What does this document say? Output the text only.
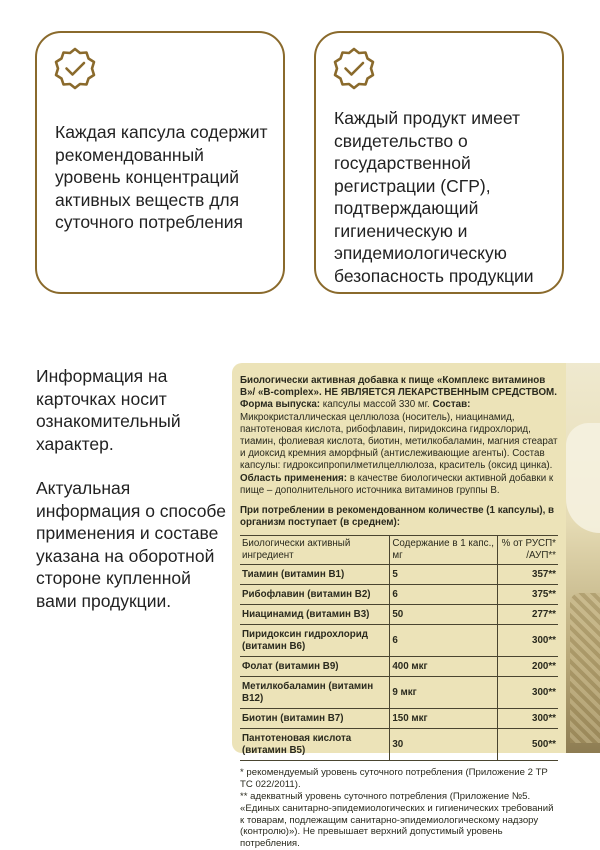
Каждая капсула содержит рекомендованный уровень концентраций активных веществ для суточного потребления
Каждый продукт имеет свидетельство о государственной регистрации (СГР), подтверждающий гигиеническую и эпидемиологическую безопасность продукции

Информация на карточках носит ознакомительный характер.

Актуальная информация о способе применения и составе указана на оборотной стороне купленной вами продукции.

Биологически активная добавка к пище «Комплекс витаминов B»/ «B-complex». НЕ ЯВЛЯЕТСЯ ЛЕКАРСТВЕННЫМ СРЕДСТВОМ.
Форма выпуска: капсулы массой 330 мг. Состав: Микрокристаллическая целлюлоза (носитель), ниацинамид, пантотеновая кислота, рибофлавин, пиридоксина гидрохлорид, тиамин, фолиевая кислота, биотин, метилкобаламин, магния стеарат и диоксид кремния аморфный (антислеживающие агенты). Состав капсулы: гидроксипропилметилцеллюлоза, краситель (оксид цинка).
Область применения: в качестве биологически активной добавки к пище – дополнительного источника витаминов группы В.
При потреблении в рекомендованном количестве (1 капсулы), в организм поступает (в среднем):
Биологически активный ингредиент	Содержание в 1 капс., мг	% от РУСП* /АУП**
Тиамин (витамин B1)	5	357**
Рибофлавин (витамин B2)	6	375**
Ниацинамид (витамин B3)	50	277**
Пиридоксин гидрохлорид (витамин B6)	6	300**
Фолат (витамин B9)	400 мкг	200**
Метилкобаламин (витамин B12)	9 мкг	300**
Биотин (витамин B7)	150 мкг	300**
Пантотеновая кислота (витамин B5)	30	500**
* рекомендуемый уровень суточного потребления (Приложение 2 ТР ТС 022/2011).
** адекватный уровень суточного потребления (Приложение №5. «Единых санитарно-эпидемиологических и гигиенических требований к товарам, подлежащим санитарно-эпидемиологическому надзору (контролю)»). Не превышает верхний допустимый уровень потребления.
